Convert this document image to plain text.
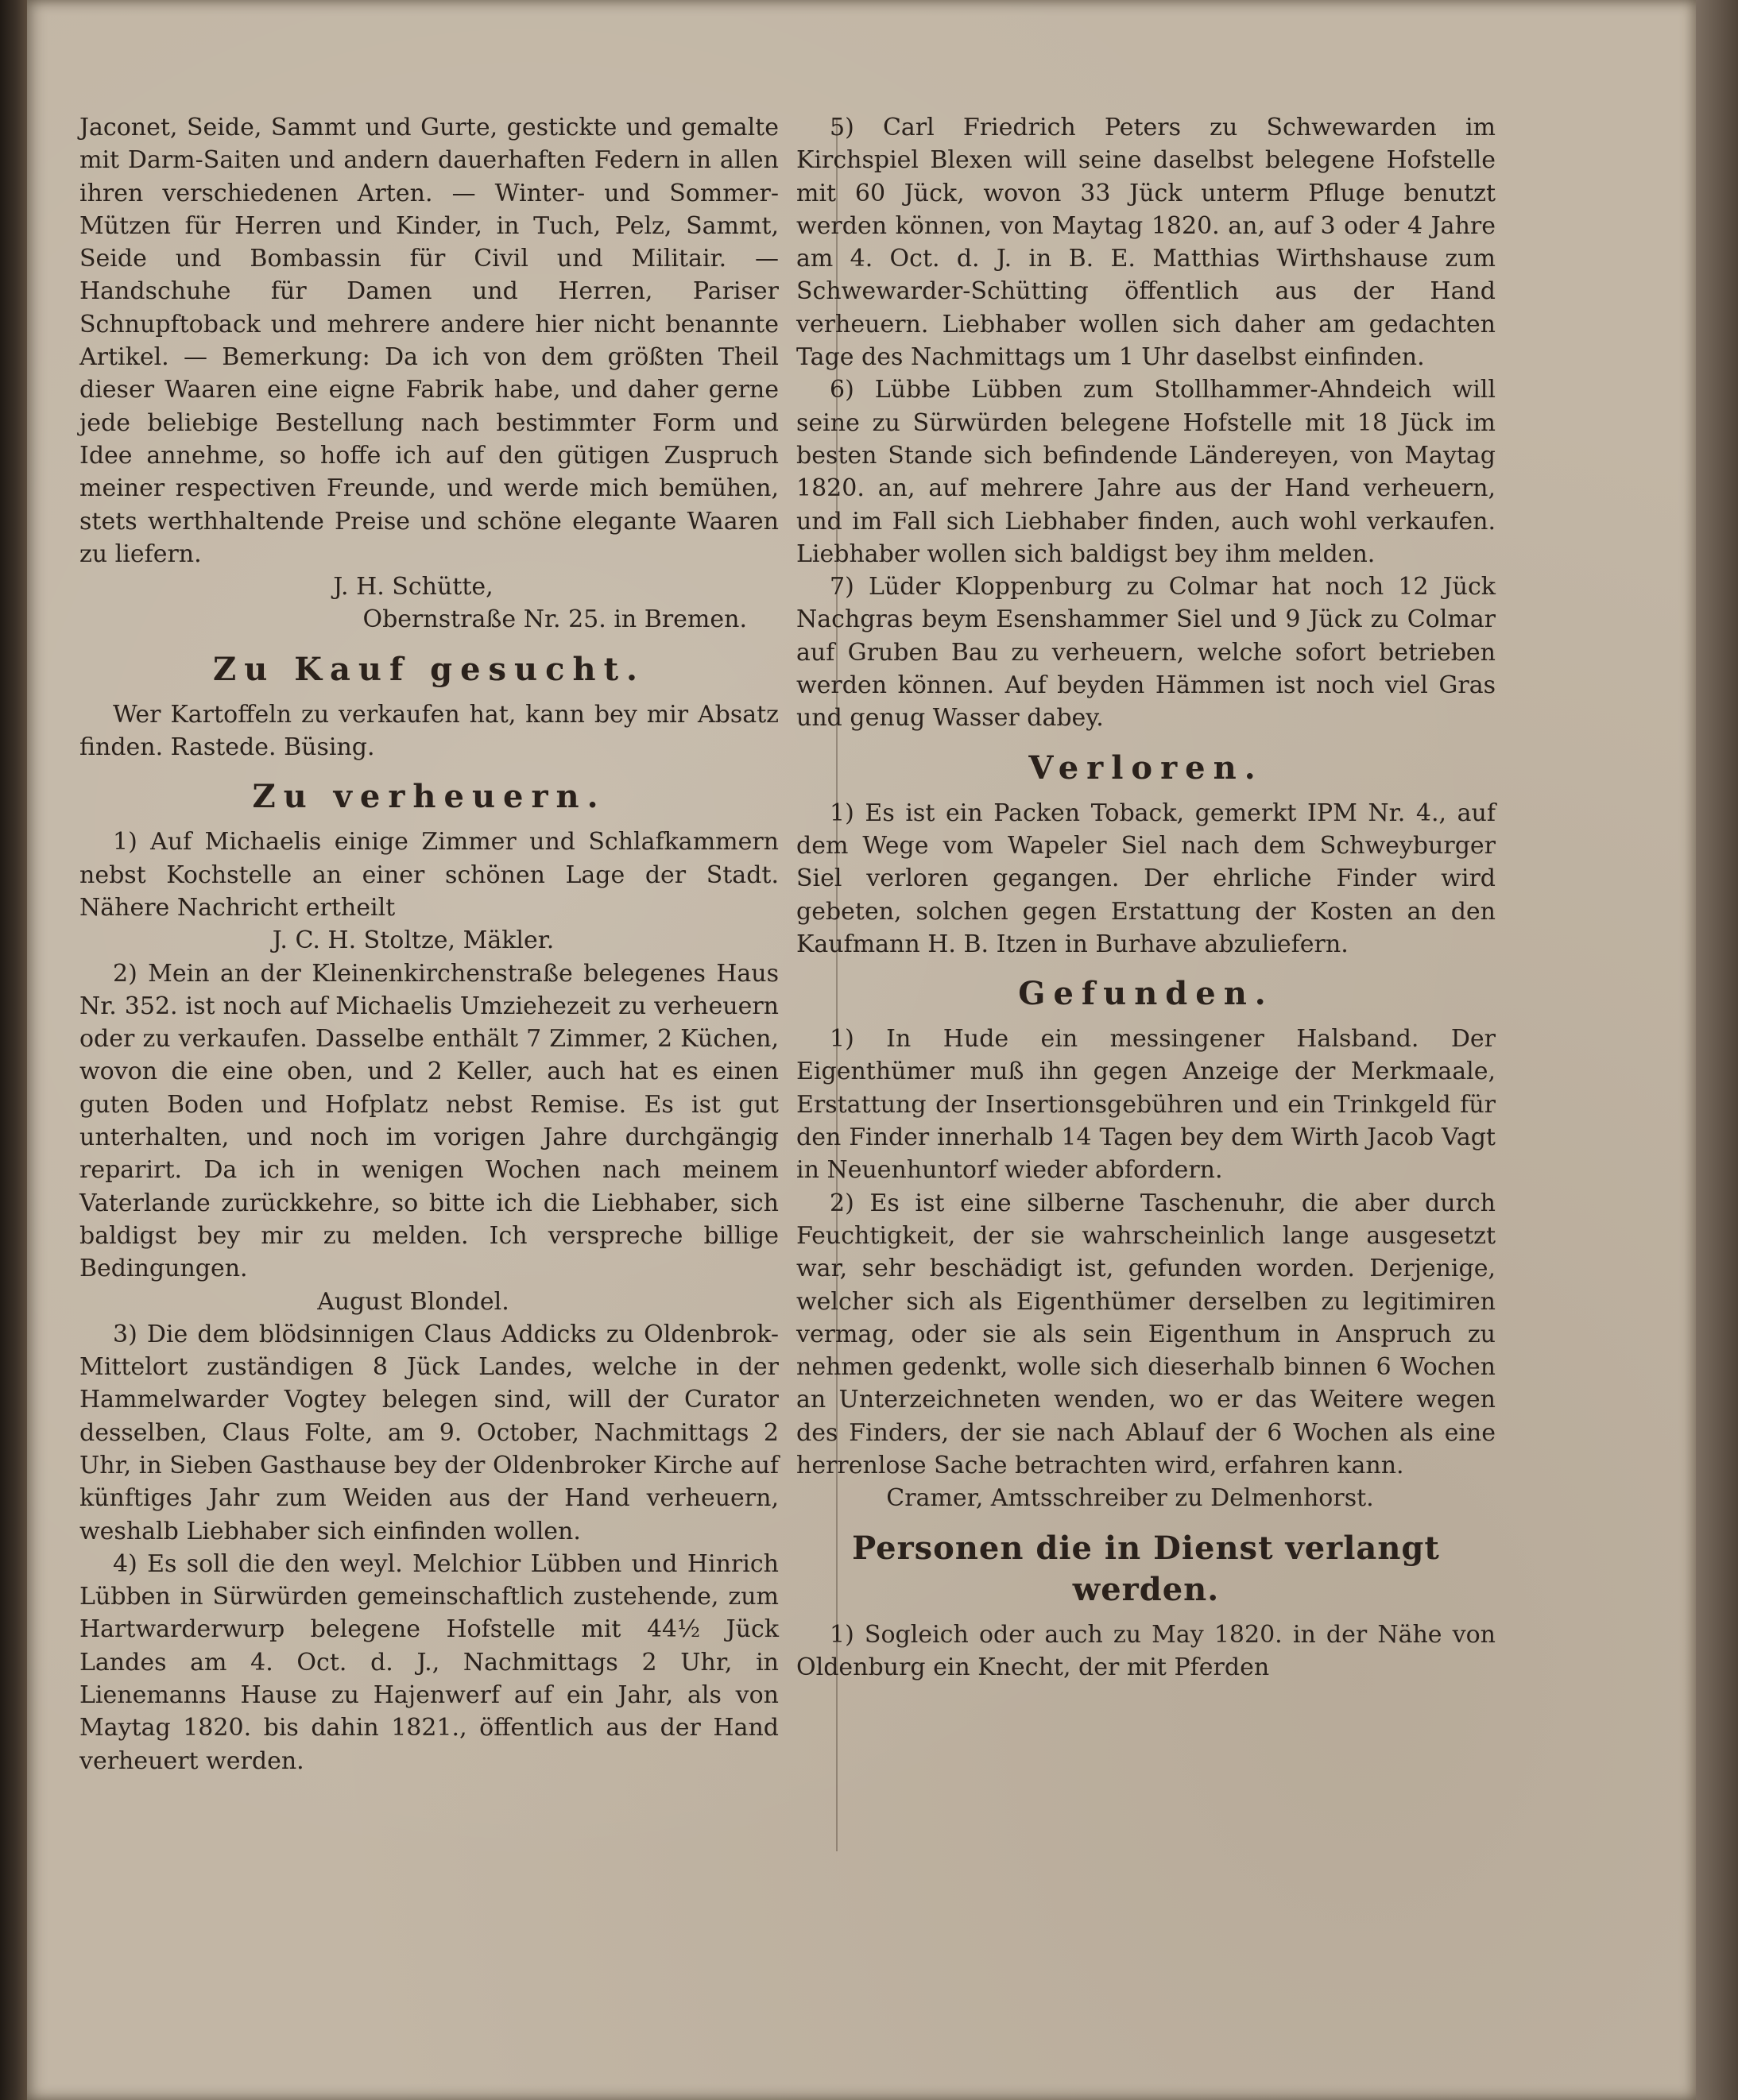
Jaconet, Seide, Sammt und Gurte, gestickte und gemalte mit Darm-Saiten und andern dauerhaften Federn in allen ihren verschiedenen Arten. — Winter- und Sommer-Mützen für Herren und Kinder, in Tuch, Pelz, Sammt, Seide und Bombassin für Civil und Militair. — Handschuhe für Damen und Herren, Pariser Schnupftoback und mehrere andere hier nicht benannte Artikel. — Bemerkung: Da ich von dem größten Theil dieser Waaren eine eigne Fabrik habe, und daher gerne jede beliebige Bestellung nach bestimmter Form und Idee annehme, so hoffe ich auf den gütigen Zuspruch meiner respectiven Freunde, und werde mich bemühen, stets werthhaltende Preise und schöne elegante Waaren zu liefern.

J. H. Schütte,

Obernstraße Nr. 25. in Bremen.

Zu Kauf gesucht.

Wer Kartoffeln zu verkaufen hat, kann bey mir Absatz finden. Rastede. Büsing.

Zu verheuern.

1) Auf Michaelis einige Zimmer und Schlafkammern nebst Kochstelle an einer schönen Lage der Stadt. Nähere Nachricht ertheilt

J. C. H. Stoltze, Mäkler.

2) Mein an der Kleinenkirchenstraße belegenes Haus Nr. 352. ist noch auf Michaelis Umziehezeit zu verheuern oder zu verkaufen. Dasselbe enthält 7 Zimmer, 2 Küchen, wovon die eine oben, und 2 Keller, auch hat es einen guten Boden und Hofplatz nebst Remise. Es ist gut unterhalten, und noch im vorigen Jahre durchgängig reparirt. Da ich in wenigen Wochen nach meinem Vaterlande zurückkehre, so bitte ich die Liebhaber, sich baldigst bey mir zu melden. Ich verspreche billige Bedingungen.

August Blondel.

3) Die dem blödsinnigen Claus Addicks zu Oldenbrok-Mittelort zuständigen 8 Jück Landes, welche in der Hammelwarder Vogtey belegen sind, will der Curator desselben, Claus Folte, am 9. October, Nachmittags 2 Uhr, in Sieben Gasthause bey der Oldenbroker Kirche auf künftiges Jahr zum Weiden aus der Hand verheuern, weshalb Liebhaber sich einfinden wollen.

4) Es soll die den weyl. Melchior Lübben und Hinrich Lübben in Sürwürden gemeinschaftlich zustehende, zum Hartwarderwurp belegene Hofstelle mit 44½ Jück Landes am 4. Oct. d. J., Nachmittags 2 Uhr, in Lienemanns Hause zu Hajenwerf auf ein Jahr, als von Maytag 1820. bis dahin 1821., öffentlich aus der Hand verheuert werden.

5) Carl Friedrich Peters zu Schwewarden im Kirchspiel Blexen will seine daselbst belegene Hofstelle mit 60 Jück, wovon 33 Jück unterm Pfluge benutzt werden können, von Maytag 1820. an, auf 3 oder 4 Jahre am 4. Oct. d. J. in B. E. Matthias Wirthshause zum Schwewarder-Schütting öffentlich aus der Hand verheuern. Liebhaber wollen sich daher am gedachten Tage des Nachmittags um 1 Uhr daselbst einfinden.

6) Lübbe Lübben zum Stollhammer-Ahndeich will seine zu Sürwürden belegene Hofstelle mit 18 Jück im besten Stande sich befindende Ländereyen, von Maytag 1820. an, auf mehrere Jahre aus der Hand verheuern, und im Fall sich Liebhaber finden, auch wohl verkaufen. Liebhaber wollen sich baldigst bey ihm melden.

7) Lüder Kloppenburg zu Colmar hat noch 12 Jück Nachgras beym Esenshammer Siel und 9 Jück zu Colmar auf Gruben Bau zu verheuern, welche sofort betrieben werden können. Auf beyden Hämmen ist noch viel Gras und genug Wasser dabey.

Verloren.

1) Es ist ein Packen Toback, gemerkt IPM Nr. 4., auf dem Wege vom Wapeler Siel nach dem Schweyburger Siel verloren gegangen. Der ehrliche Finder wird gebeten, solchen gegen Erstattung der Kosten an den Kaufmann H. B. Itzen in Burhave abzuliefern.

Gefunden.

1) In Hude ein messingener Halsband. Der Eigenthümer muß ihn gegen Anzeige der Merkmaale, Erstattung der Insertionsgebühren und ein Trinkgeld für den Finder innerhalb 14 Tagen bey dem Wirth Jacob Vagt in Neuenhuntorf wieder abfordern.

2) Es ist eine silberne Taschenuhr, die aber durch Feuchtigkeit, der sie wahrscheinlich lange ausgesetzt war, sehr beschädigt ist, gefunden worden. Derjenige, welcher sich als Eigenthümer derselben zu legitimiren vermag, oder sie als sein Eigenthum in Anspruch zu nehmen gedenkt, wolle sich dieserhalb binnen 6 Wochen an Unterzeichneten wenden, wo er das Weitere wegen des Finders, der sie nach Ablauf der 6 Wochen als eine herrenlose Sache betrachten wird, erfahren kann.

Cramer, Amtsschreiber zu Delmenhorst.

Personen die in Dienst verlangt werden.

1) Sogleich oder auch zu May 1820. in der Nähe von Oldenburg ein Knecht, der mit Pferden
